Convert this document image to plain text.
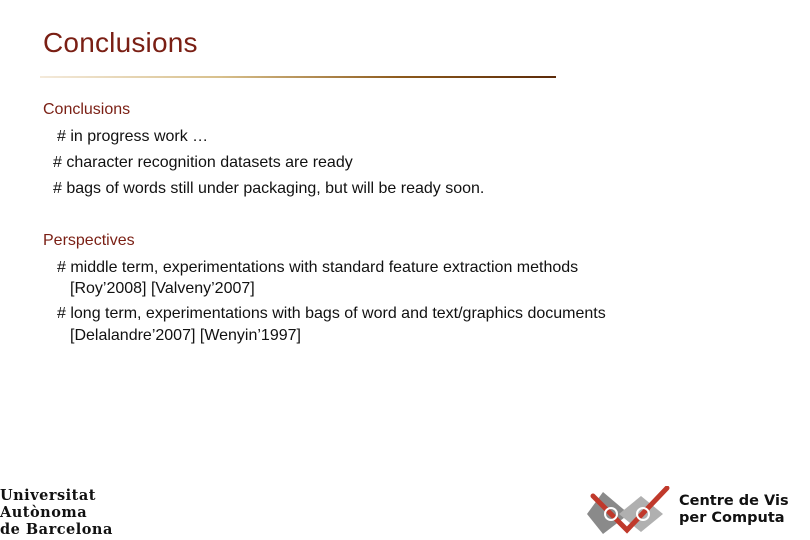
Conclusions
Conclusions
# in progress work …
# character recognition datasets are ready
# bags of words still under packaging, but will be ready soon.
Perspectives
# middle term, experimentations with standard feature extraction methods
[Roy’2008] [Valveny’2007]
# long term, experimentations with bags of word and text/graphics documents
[Delalandre’2007] [Wenyin’1997]
Universitat
Autònoma
de Barcelona
Centre de Vis
per Computa
